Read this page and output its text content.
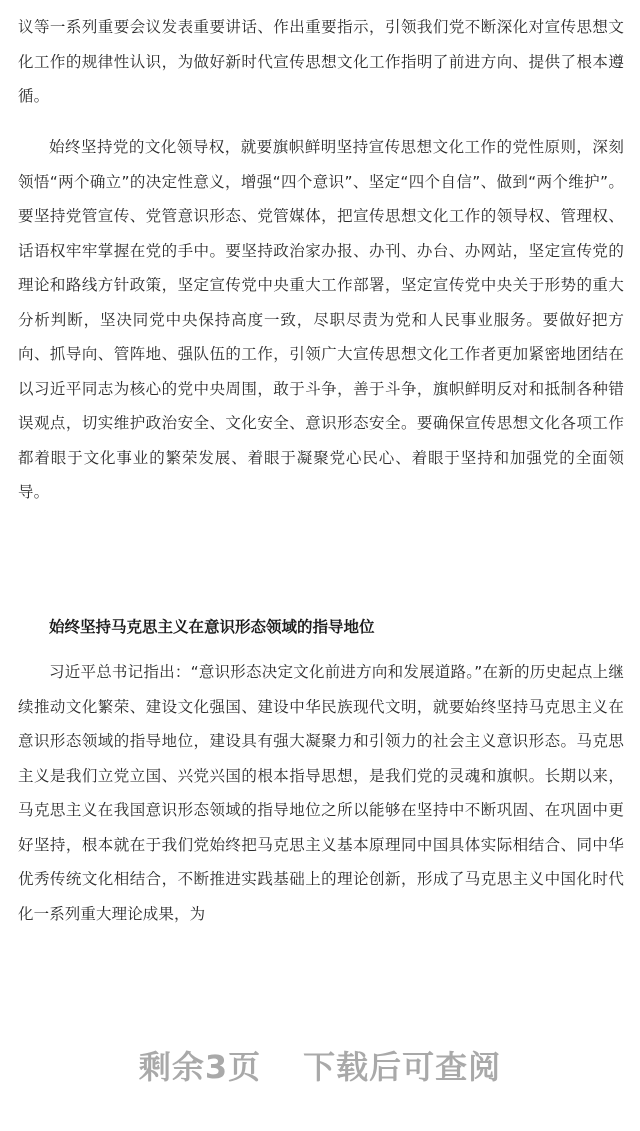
议等一系列重要会议发表重要讲话、作出重要指示，引领我们党不断深化对宣传思想文化工作的规律性认识，为做好新时代宣传思想文化工作指明了前进方向、提供了根本遵循。

始终坚持党的文化领导权，就要旗帜鲜明坚持宣传思想文化工作的党性原则，深刻领悟“两个确立”的决定性意义，增强“四个意识”、坚定“四个自信”、做到“两个维护”。要坚持党管宣传、党管意识形态、党管媒体，把宣传思想文化工作的领导权、管理权、话语权牢牢掌握在党的手中。要坚持政治家办报、办刊、办台、办网站，坚定宣传党的理论和路线方针政策，坚定宣传党中央重大工作部署，坚定宣传党中央关于形势的重大分析判断，坚决同党中央保持高度一致，尽职尽责为党和人民事业服务。要做好把方向、抓导向、管阵地、强队伍的工作，引领广大宣传思想文化工作者更加紧密地团结在以习近平同志为核心的党中央周围，敢于斗争，善于斗争，旗帜鲜明反对和抵制各种错误观点，切实维护政治安全、文化安全、意识形态安全。要确保宣传思想文化各项工作都着眼于文化事业的繁荣发展、着眼于凝聚党心民心、着眼于坚持和加强党的全面领导。

始终坚持马克思主义在意识形态领域的指导地位

习近平总书记指出：“意识形态决定文化前进方向和发展道路。”在新的历史起点上继续推动文化繁荣、建设文化强国、建设中华民族现代文明，就要始终坚持马克思主义在意识形态领域的指导地位，建设具有强大凝聚力和引领力的社会主义意识形态。马克思主义是我们立党立国、兴党兴国的根本指导思想，是我们党的灵魂和旗帜。长期以来，马克思主义在我国意识形态领域的指导地位之所以能够在坚持中不断巩固、在巩固中更好坚持，根本就在于我们党始终把马克思主义基本原理同中国具体实际相结合、同中华优秀传统文化相结合，不断推进实践基础上的理论创新，形成了马克思主义中国化时代化一系列重大理论成果，为

剩余3页 下载后可查阅
